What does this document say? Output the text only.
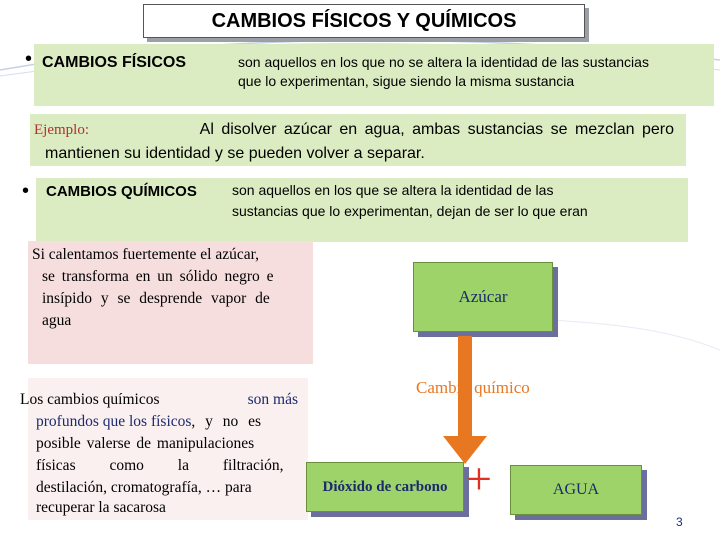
CAMBIOS FÍSICOS Y QUÍMICOS
• CAMBIOS FÍSICOS	son aquellos en los que no se altera la identidad de las sustancias
que lo experimentan, sigue siendo la misma sustancia
Ejemplo:	Al disolver azúcar en agua, ambas sustancias se mezclan pero
mantienen su identidad y se pueden volver a separar.
• CAMBIOS QUÍMICOS	son aquellos en los que se altera la identidad de las
sustancias que lo experimentan, dejan de ser lo que eran
Si calentamos fuertemente el azúcar,
se transforma en un sólido negro e
insípido y se desprende vapor de
agua
Los cambios químicos	son más
profundos que los físicos , y no es
posible valerse de manipulaciones
físicas como la filtración,
destilación, cromatografía, … para
recuperar la sacarosa
Azúcar
Cambio químico
Dióxido de carbono +	AGUA
3
